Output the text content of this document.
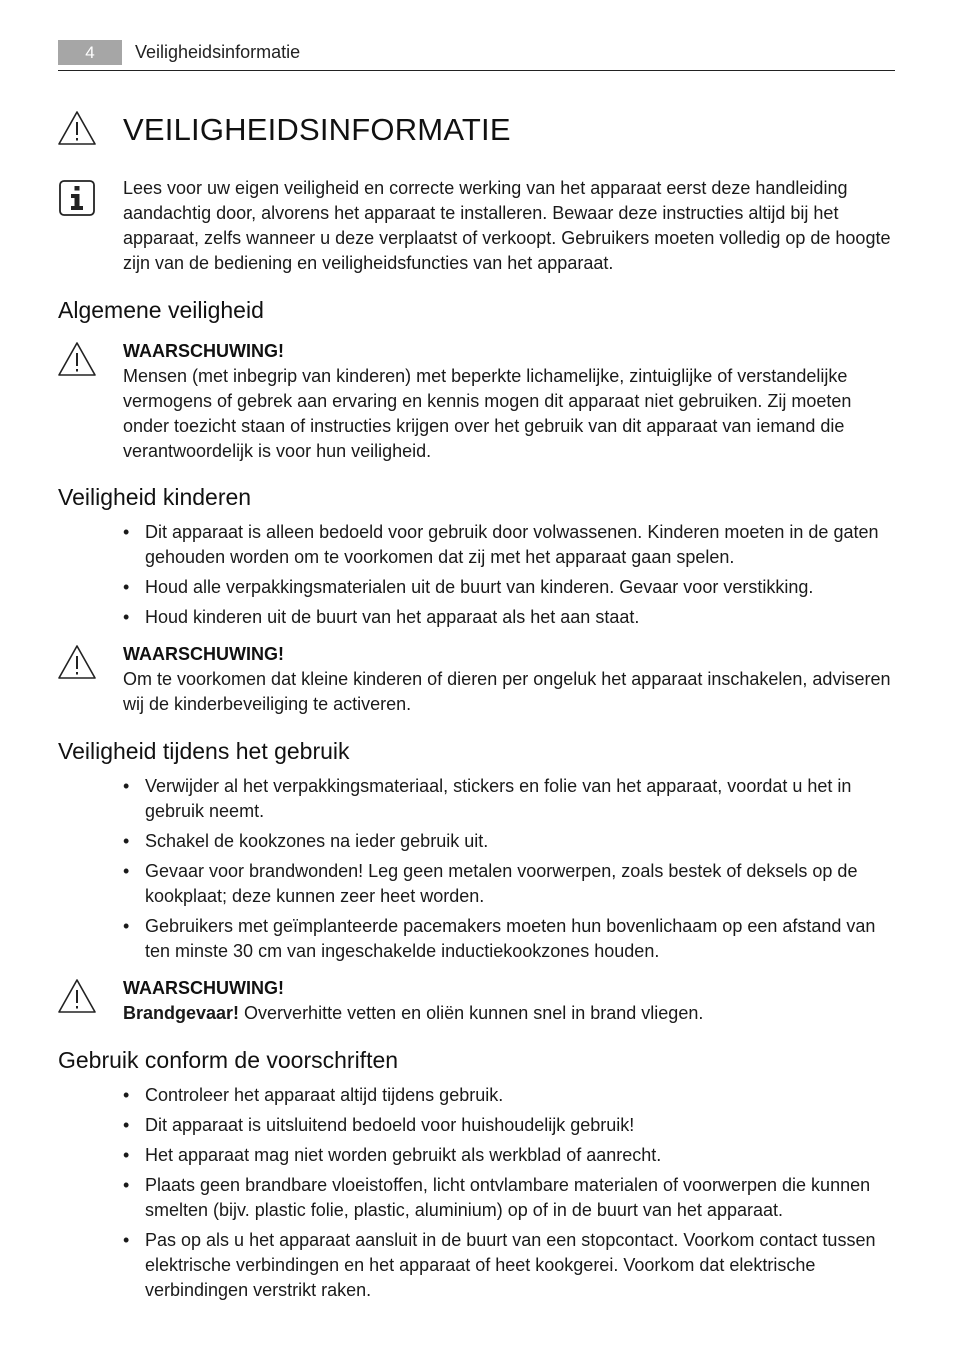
4	Veiligheidsinformatie
VEILIGHEIDSINFORMATIE

Lees voor uw eigen veiligheid en correcte werking van het apparaat eerst deze handleiding aandachtig door, alvorens het apparaat te installeren. Bewaar deze instructies altijd bij het apparaat, zelfs wanneer u deze verplaatst of verkoopt. Gebruikers moeten volledig op de hoogte zijn van de bediening en veiligheidsfuncties van het apparaat.

Algemene veiligheid

WAARSCHUWING!

Mensen (met inbegrip van kinderen) met beperkte lichamelijke, zintuiglijke of verstandelijke vermogens of gebrek aan ervaring en kennis mogen dit apparaat niet gebruiken. Zij moeten onder toezicht staan of instructies krijgen over het gebruik van dit apparaat van iemand die verantwoordelijk is voor hun veiligheid.

Veiligheid kinderen
• Dit apparaat is alleen bedoeld voor gebruik door volwassenen. Kinderen moeten in de gaten gehouden worden om te voorkomen dat zij met het apparaat gaan spelen.
• Houd alle verpakkingsmaterialen uit de buurt van kinderen. Gevaar voor verstikking.
• Houd kinderen uit de buurt van het apparaat als het aan staat.

WAARSCHUWING!

Om te voorkomen dat kleine kinderen of dieren per ongeluk het apparaat inschakelen, adviseren wij de kinderbeveiliging te activeren.

Veiligheid tijdens het gebruik
• Verwijder al het verpakkingsmateriaal, stickers en folie van het apparaat, voordat u het in gebruik neemt.
• Schakel de kookzones na ieder gebruik uit.
• Gevaar voor brandwonden! Leg geen metalen voorwerpen, zoals bestek of deksels op de kookplaat; deze kunnen zeer heet worden.
• Gebruikers met geïmplanteerde pacemakers moeten hun bovenlichaam op een afstand van ten minste 30 cm van ingeschakelde inductiekookzones houden.

WAARSCHUWING!

Brandgevaar! Oververhitte vetten en oliën kunnen snel in brand vliegen.

Gebruik conform de voorschriften
• Controleer het apparaat altijd tijdens gebruik.
• Dit apparaat is uitsluitend bedoeld voor huishoudelijk gebruik!
• Het apparaat mag niet worden gebruikt als werkblad of aanrecht.
• Plaats geen brandbare vloeistoffen, licht ontvlambare materialen of voorwerpen die kunnen smelten (bijv. plastic folie, plastic, aluminium) op of in de buurt van het apparaat.
• Pas op als u het apparaat aansluit in de buurt van een stopcontact. Voorkom contact tussen elektrische verbindingen en het apparaat of heet kookgerei. Voorkom dat elektrische verbindingen verstrikt raken.
